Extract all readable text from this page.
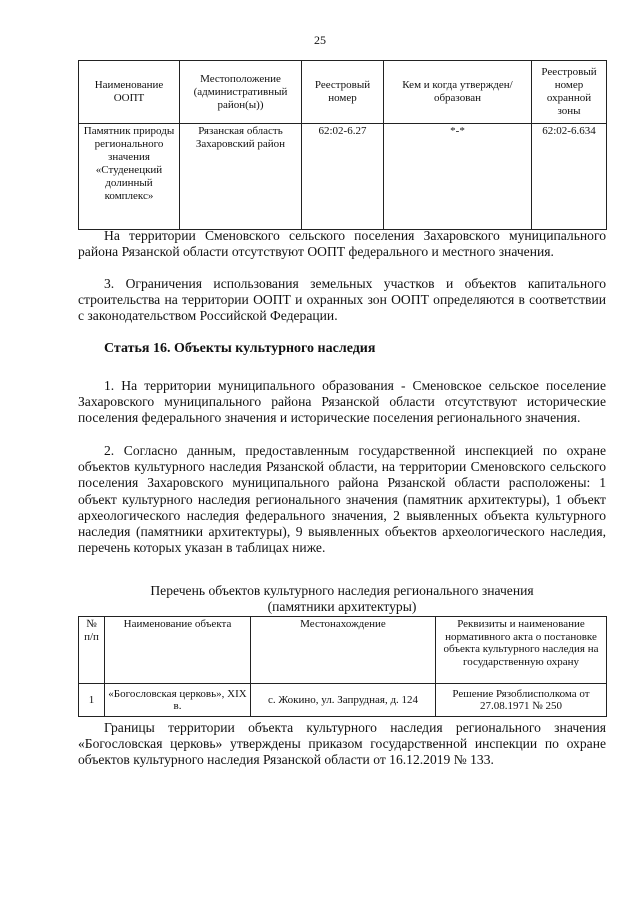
25
Наименование ООПТ	Местоположение (административный район(ы))	Реестровый номер	Кем и когда утвержден/ образован	Реестровый номер охранной зоны
Памятник природы регионального значения «Студенецкий долинный комплекс»	Рязанская область Захаровский район	62:02-6.27	*-*	62:02-6.634

На территории Сменовского сельского поселения Захаровского муниципального района Рязанской области отсутствуют ООПТ федерального и местного значения.

3. Ограничения использования земельных участков и объектов капитального строительства на территории ООПТ и охранных зон ООПТ определяются в соответствии с законодательством Российской Федерации.

Статья 16. Объекты культурного наследия

1. На территории муниципального образования - Сменовское сельское поселение Захаровского муниципального района Рязанской области отсутствуют исторические поселения федерального значения и исторические поселения регионального значения.

2. Согласно данным, предоставленным государственной инспекцией по охране объектов культурного наследия Рязанской области, на территории Сменовского сельского поселения Захаровского муниципального района Рязанской области расположены: 1 объект культурного наследия регионального значения (памятник архитектуры), 1 объект археологического наследия федерального значения, 2 выявленных объекта культурного наследия (памятники архитектуры), 9 выявленных объектов археологического наследия, перечень которых указан в таблицах ниже.

Перечень объектов культурного наследия регионального значения
(памятники архитектуры)
№ п/п	Наименование объекта	Местонахождение	Реквизиты и наименование нормативного акта о постановке объекта культурного наследия на государственную охрану
1	«Богословская церковь», XIX в.	с. Жокино, ул. Запрудная, д. 124	Решение Рязоблисполкома от 27.08.1971 № 250

Границы территории объекта культурного наследия регионального значения «Богословская церковь» утверждены приказом государственной инспекции по охране объектов культурного наследия Рязанской области от 16.12.2019 № 133.
